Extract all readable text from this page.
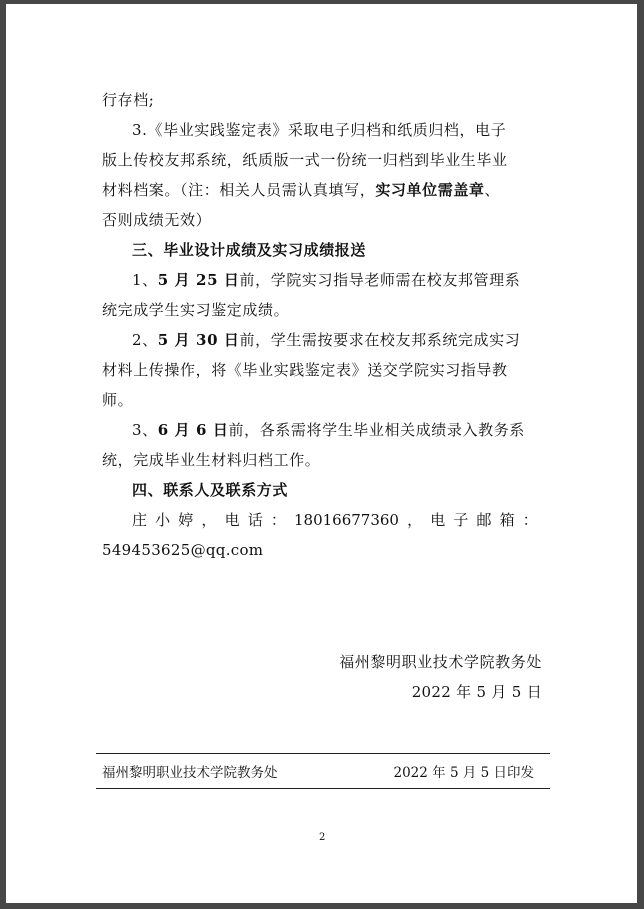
行存档;
3.《毕业实践鉴定表》采取电子归档和纸质归档，电子
版上传校友邦系统，纸质版一式一份统一归档到毕业生毕业
材料档案。（注：相关人员需认真填写，实习单位需盖章、
否则成绩无效）
三、毕业设计成绩及实习成绩报送
1、5 月 25 日前，学院实习指导老师需在校友邦管理系
统完成学生实习鉴定成绩。
2、5 月 30 日前，学生需按要求在校友邦系统完成实习
材料上传操作，将《毕业实践鉴定表》送交学院实习指导教
师。
3、6 月 6 日前，各系需将学生毕业相关成绩录入教务系
统，完成毕业生材料归档工作。
四、联系人及联系方式
庄 小 婷 ， 电 话 ： 18016677360 ， 电 子 邮 箱 ：
549453625@qq.com
福州黎明职业技术学院教务处
2022 年 5 月 5 日
福州黎明职业技术学院教务处	2022 年 5 月 5 日印发
2
